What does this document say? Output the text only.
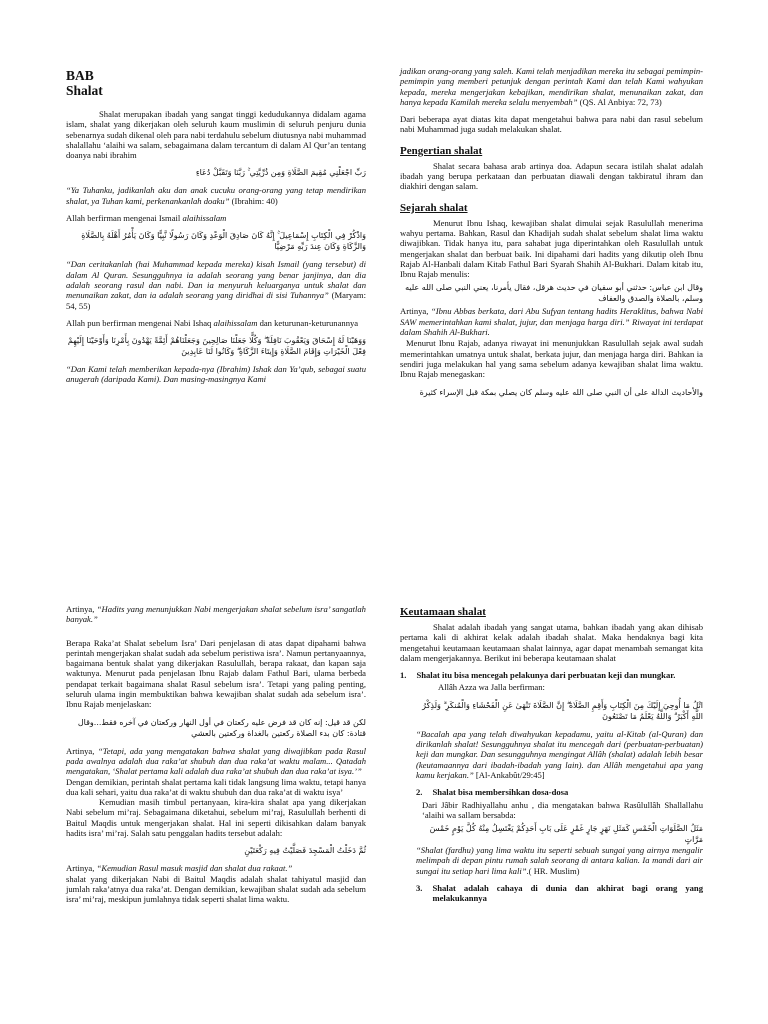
BAB
Shalat

Shalat merupakan ibadah yang sangat tinggi kedudukannya didalam agama islam, shalat yang dikerjakan oleh seluruh kaum muslimin di seluruh penjuru dunia sebenarnya sudah dikenal oleh para nabi terdahulu sebelum diutusnya nabi muhammad shalallahu ‘alaihi wa salam, sebagaimana dalam tercantum di dalam Al Qur’an tentang doanya nabi ibrahim

رَبِّ اجْعَلْنِي مُقِيمَ الصَّلَاةِ وَمِن ذُرِّيَّتِي ۚ رَبَّنَا وَتَقَبَّلْ دُعَاءِ

“Ya Tuhanku, jadikanlah aku dan anak cucuku orang-orang yang tetap mendirikan shalat, ya Tuhan kami, perkenankanlah doaku” (Ibrahim: 40)

Allah berfirman mengenai Ismail alaihissalam

وَاذْكُرْ فِي الْكِتَابِ إِسْمَاعِيلَ ۚ إِنَّهُ كَانَ صَادِقَ الْوَعْدِ وَكَانَ رَسُولًا نَّبِيًّا وَكَانَ يَأْمُرُ أَهْلَهُ بِالصَّلَاةِ وَالزَّكَاةِ وَكَانَ عِندَ رَبِّهِ مَرْضِيًّا

“Dan ceritakanlah (hai Muhammad kepada mereka) kisah Ismail (yang tersebut) di dalam Al Quran. Sesungguhnya ia adalah seorang yang benar janjinya, dan dia adalah seorang rasul dan nabi. Dan ia menyuruh keluarganya untuk shalat dan menunaikan zakat, dan ia adalah seorang yang diridhai di sisi Tuhannya” (Maryam: 54, 55)

Allah pun berfirman mengenai Nabi Ishaq alaihissalam dan keturunan-keturunannya

وَوَهَبْنَا لَهُ إِسْحَاقَ وَيَعْقُوبَ نَافِلَةً ۖ وَكُلًّا جَعَلْنَا صَالِحِينَ وَجَعَلْنَاهُمْ أَئِمَّةً يَهْدُونَ بِأَمْرِنَا وَأَوْحَيْنَا إِلَيْهِمْ فِعْلَ الْخَيْرَاتِ وَإِقَامَ الصَّلَاةِ وَإِيتَاءَ الزَّكَاةِ ۖ وَكَانُوا لَنَا عَابِدِينَ

“Dan Kami telah memberikan kepada-nya (Ibrahim) Ishak dan Ya’qub, sebagai suatu anugerah (daripada Kami). Dan masing-masingnya Kami

jadikan orang-orang yang saleh. Kami telah menjadikan mereka itu sebagai pemimpin-pemimpin yang memberi petunjuk dengan perintah Kami dan telah Kami wahyukan kepada, mereka mengerjakan kebajikan, mendirikan shalat, menunaikan zakat, dan hanya kepada Kamilah mereka selalu menyembah” (QS. Al Anbiya: 72, 73)

Dari beberapa ayat diatas kita dapat mengetahui bahwa para nabi dan rasul sebelum nabi Muhammad juga sudah melakukan shalat.

Pengertian shalat

Shalat secara bahasa arab artinya doa. Adapun secara istilah shalat adalah ibadah yang berupa perkataan dan perbuatan diawali dengan takbiratul ihram dan diakhiri dengan salam.

Sejarah shalat

Menurut Ibnu Ishaq, kewajiban shalat dimulai sejak Rasulullah menerima wahyu pertama. Bahkan, Rasul dan Khadijah sudah shalat sebelum shalat lima waktu diwajibkan. Tidak hanya itu, para sahabat juga diperintahkan oleh Rasulullah untuk mengerjakan shalat dan berbuat baik. Ini dipahami dari hadits yang dikutip oleh Ibnu Rajab Al-Hanbali dalam Kitab Fathul Bari Syarah Shahih Al-Bukhari. Dalam kitab itu, Ibnu Rajab menulis:

وقال ابن عباس: حدثني أبو سفيان في حديث هرقل، فقال يأمرنا، يعني النبي صلى الله عليه وسلم، بالصلاة والصدق والعفاف

Artinya, “Ibnu Abbas berkata, dari Abu Sufyan tentang hadits Heraklitus, bahwa Nabi SAW memerintahkan kami shalat, jujur, dan menjaga harga diri.” Riwayat ini terdapat dalam Shahih Al-Bukhari.

Menurut Ibnu Rajab, adanya riwayat ini menunjukkan Rasulullah sejak awal sudah memerintahkan umatnya untuk shalat, berkata jujur, dan menjaga harga diri. Bahkan ia sendiri juga melakukan hal yang sama sebelum adanya kewajiban shalat lima waktu. Ibnu Rajab menegaskan:

والأحاديث الدالة على أن النبي صلى الله عليه وسلم كان يصلي بمكة قبل الإسراء كثيرة

Artinya, “Hadits yang menunjukkan Nabi mengerjakan shalat sebelum isra’ sangatlah banyak.”

Berapa Raka’at Shalat sebelum Isra’ Dari penjelasan di atas dapat dipahami bahwa perintah mengerjakan shalat sudah ada sebelum peristiwa isra’. Namun pertanyaannya, bagaimana bentuk shalat yang dikerjakan Rasulullah, berapa rakaat, dan kapan saja waktunya. Menurut pada penjelasan Ibnu Rajab dalam Fathul Bari, ulama berbeda pendapat terkait bagaimana shalat Rasul sebelum isra’. Tetapi yang paling penting, seluruh ulama ingin membuktikan bahwa kewajiban shalat sudah ada sebelum isra’. Ibnu Rajab menjelaskan:

لكن قد قيل: إنه كان قد فرض عليه ركعتان في أول النهار وركعتان في آخره فقط...وقال قتادة: كان بدء الصلاة ركعتين بالغداة وركعتين بالعشي

Artinya, “Tetapi, ada yang mengatakan bahwa shalat yang diwajibkan pada Rasul pada awalnya adalah dua raka’at shubuh dan dua raka’at waktu malam... Qatadah mengatakan, ‘Shalat pertama kali adalah dua raka’at shubuh dan dua raka’at isya.’”

Dengan demikian, perintah shalat pertama kali tidak langsung lima waktu, tetapi hanya dua kali sehari, yaitu dua raka’at di waktu shubuh dan dua raka’at di waktu isya’

Kemudian masih timbul pertanyaan, kira-kira shalat apa yang dikerjakan Nabi sebelum mi’raj. Sebagaimana diketahui, sebelum mi’raj, Rasulullah berhenti di Baitul Maqdis untuk mengerjakan shalat. Hal ini seperti dikisahkan dalam banyak hadits isra’ mi’raj. Salah satu penggalan hadits tersebut adalah:

ثُمَّ دَخَلْتُ الْمَسْجِدَ فَصَلَّيْتُ فِيهِ رَكْعَتَيْنِ

Artinya, “Kemudian Rasul masuk masjid dan shalat dua rakaat.”

shalat yang dikerjakan Nabi di Baitul Maqdis adalah shalat tahiyatul masjid dan jumlah raka’atnya dua raka’at. Dengan demikian, kewajiban shalat sudah ada sebelum isra’ mi’raj, meskipun jumlahnya tidak seperti shalat lima waktu.

Keutamaan shalat

Shalat adalah ibadah yang sangat utama, bahkan ibadah yang akan dihisab pertama kali di akhirat kelak adalah ibadah shalat. Maka hendaknya bagi kita mengetahui keutamaan keutamaan shalat lainnya, agar dapat menambah semangat kita dalam mengerjakannya. Berikut ini beberapa keutamaan shalat

1. Shalat itu bisa mencegah pelakunya dari perbuatan keji dan mungkar.

Allâh Azza wa Jalla berfirman:

اتْلُ مَا أُوحِيَ إِلَيْكَ مِنَ الْكِتَابِ وَأَقِمِ الصَّلَاةَ ۖ إِنَّ الصَّلَاةَ تَنْهَىٰ عَنِ الْفَحْشَاءِ وَالْمُنكَرِ ۗ وَلَذِكْرُ اللَّهِ أَكْبَرُ ۗ وَاللَّهُ يَعْلَمُ مَا تَصْنَعُونَ

“Bacalah apa yang telah diwahyukan kepadamu, yaitu al-Kitab (al-Quran) dan dirikanlah shalat! Sesungguhnya shalat itu mencegah dari (perbuatan-perbuatan) keji dan mungkar. Dan sesungguhnya mengingat Allâh (shalat) adalah lebih besar (keutamaannya dari ibadah-ibadah yang lain). dan Allâh mengetahui apa yang kamu kerjakan.” [Al-Ankabût/29:45]

2. Shalat bisa membersihkan dosa-dosa

Dari Jâbir Radhiyallahu anhu , dia mengatakan bahwa Rasûlullâh Shallallahu ‘alaihi wa sallam bersabda:

مَثَلُ الصَّلَوَاتِ الْخَمْسِ كَمَثَلِ نَهَرٍ جَارٍ غَمْرٍ عَلَى بَابِ أَحَدِكُمْ يَغْتَسِلُ مِنْهُ كُلَّ يَوْمٍ خَمْسَ مَرَّاتٍ

“Shalat (fardhu) yang lima waktu itu seperti sebuah sungai yang airnya mengalir melimpah di depan pintu rumah salah seorang di antara kalian. Ia mandi dari air sungai itu setiap hari lima kali”.( HR. Muslim)

3. Shalat adalah cahaya di dunia dan akhirat bagi orang yang melakukannya
